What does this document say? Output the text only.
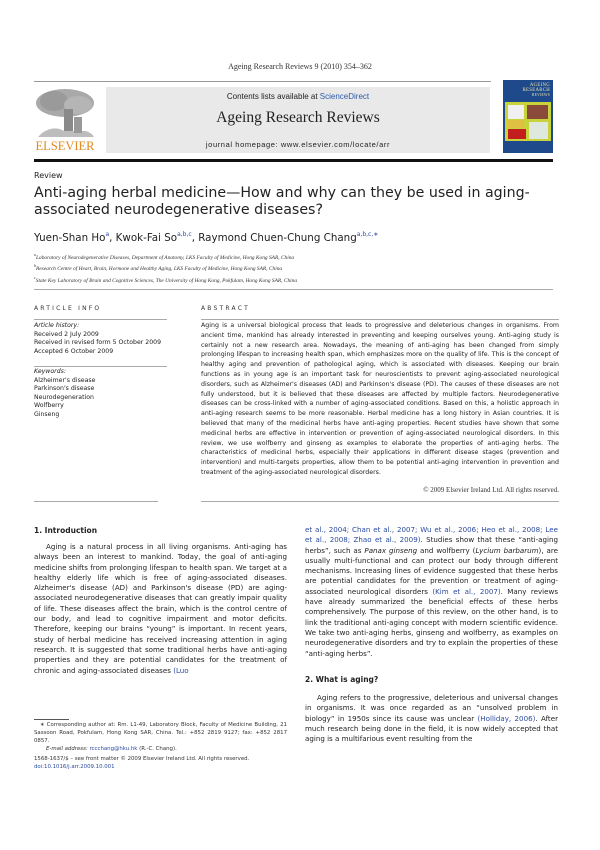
Ageing Research Reviews 9 (2010) 354–362
ELSEVIER
Contents lists available at ScienceDirect
Ageing Research Reviews
journal homepage: www.elsevier.com/locate/arr
AGEING
RESEARCH
REVIEWS
Review
Anti-aging herbal medicine—How and why can they be used in aging-associated neurodegenerative diseases?
Yuen-Shan Ho$^a$, Kwok-Fai So$^{a,b,c}$, Raymond Chuen-Chung Chang$^{a,b,c,∗}$
$^a$Laboratory of Neurodegenerative Diseases, Department of Anatomy, LKS Faculty of Medicine, Hong Kong SAR, China
$^b$Research Centre of Heart, Brain, Hormone and Healthy Aging, LKS Faculty of Medicine, Hong Kong SAR, China
$^c$State Key Laboratory of Brain and Cognitive Sciences, The University of Hong Kong, Pokfulam, Hong Kong SAR, China
ARTICLE INFO
Article history:
Received 2 July 2009
Received in revised form 5 October 2009
Accepted 6 October 2009
Keywords:
Alzheimer's disease
Parkinson's disease
Neurodegeneration
Wolfberry
Ginseng
ABSTRACT
Aging is a universal biological process that leads to progressive and deleterious changes in organisms. From ancient time, mankind has already interested in preventing and keeping ourselves young. Anti-aging study is certainly not a new research area. Nowadays, the meaning of anti-aging has been changed from simply prolonging lifespan to increasing health span, which emphasizes more on the quality of life. This is the concept of healthy aging and prevention of pathological aging, which is associated with diseases. Keeping our brain functions as in young age is an important task for neuroscientists to prevent aging-associated neurological disorders, such as Alzheimer's diseases (AD) and Parkinson's disease (PD). The causes of these diseases are not fully understood, but it is believed that these diseases are affected by multiple factors. Neurodegenerative diseases can be cross-linked with a number of aging-associated conditions. Based on this, a holistic approach in anti-aging research seems to be more reasonable. Herbal medicine has a long history in Asian countries. It is believed that many of the medicinal herbs have anti-aging properties. Recent studies have shown that some medicinal herbs are effective in intervention or prevention of aging-associated neurological disorders. In this review, we use wolfberry and ginseng as examples to elaborate the properties of anti-aging herbs. The characteristics of medicinal herbs, especially their applications in different disease stages (prevention and intervention) and multi-targets properties, allow them to be potential anti-aging intervention in prevention and treatment of the aging-associated neurological disorders.
© 2009 Elsevier Ireland Ltd. All rights reserved.
1. Introduction

Aging is a natural process in all living organisms. Anti-aging has always been an interest to mankind. Today, the goal of anti-aging medicine shifts from prolonging lifespan to health span. We target at a healthy elderly life which is free of aging-associated diseases. Alzheimer's disease (AD) and Parkinson's disease (PD) are aging-associated neurodegenerative diseases that can greatly impair quality of life. These diseases affect the brain, which is the control centre of our body, and lead to cognitive impairment and motor deficits. Therefore, keeping our brains “young” is important. In recent years, study of herbal medicine has received increasing attention in aging research. It is suggested that some traditional herbs have anti-aging properties and they are potential candidates for the treatment of chronic and aging-associated diseases (Luo

∗ Corresponding author at: Rm. L1-49, Laboratory Block, Faculty of Medicine Building, 21 Sassoon Road, Pokfulam, Hong Kong SAR, China. Tel.: +852 2819 9127; fax: +852 2817 0857.
E-mail address: rccchang@hku.hk (R.-C. Chang).
1568-1637/$ – see front matter © 2009 Elsevier Ireland Ltd. All rights reserved.
doi:10.1016/j.arr.2009.10.001

et al., 2004; Chan et al., 2007; Wu et al., 2006; Heo et al., 2008; Lee et al., 2008; Zhao et al., 2009). Studies show that these “anti-aging herbs”, such as Panax ginseng and wolfberry (Lycium barbarum), are usually multi-functional and can protect our body through different mechanisms. Increasing lines of evidence suggested that these herbs are potential candidates for the prevention or treatment of aging-associated neurological disorders (Kim et al., 2007). Many reviews have already summarized the beneficial effects of these herbs comprehensively. The purpose of this review, on the other hand, is to link the traditional anti-aging concept with modern scientific evidence. We take two anti-aging herbs, ginseng and wolfberry, as examples on neurodegenerative disorders and try to explain the properties of these “anti-aging herbs”.

2. What is aging?

Aging refers to the progressive, deleterious and universal changes in organisms. It was once regarded as an “unsolved problem in biology” in 1950s since its cause was unclear (Holliday, 2006). After much research being done in the field, it is now widely accepted that aging is a multifarious event resulting from the
